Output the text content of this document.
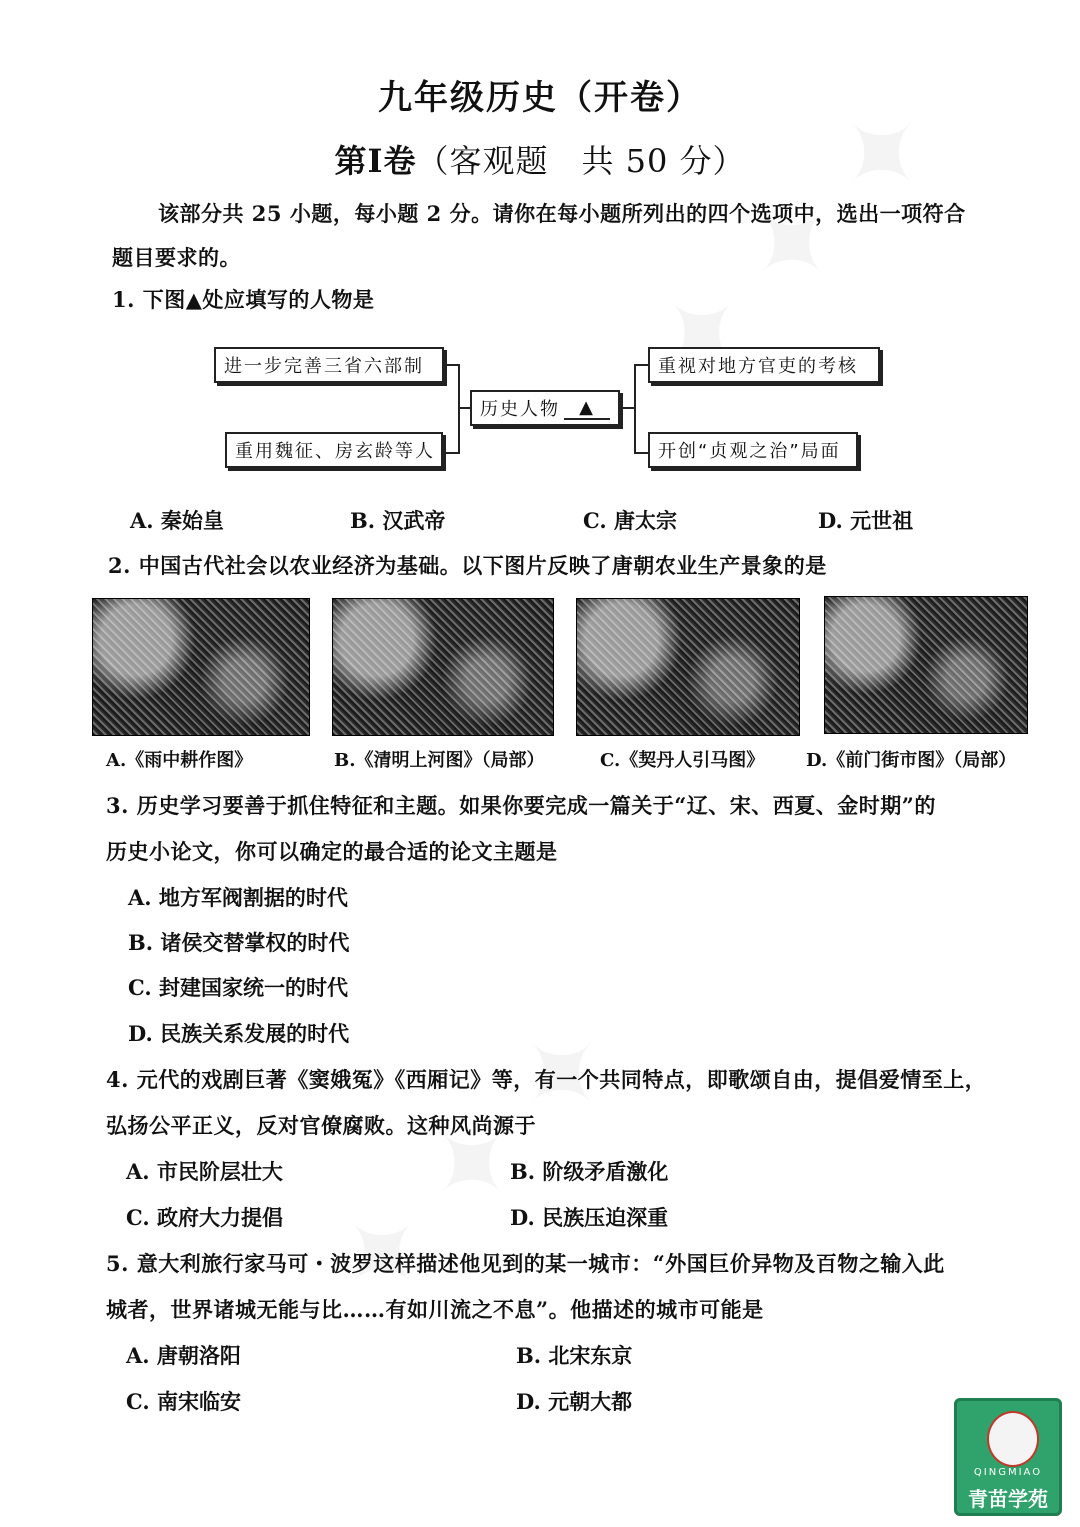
九年级历史（开卷）
第Ⅰ卷（客观题　共 50 分）
该部分共 25 小题，每小题 2 分。请你在每小题所列出的四个选项中，选出一项符合
题目要求的。
1. 下图▲处应填写的人物是
进一步完善三省六部制
重用魏征、房玄龄等人
历史人物	▲
重视对地方官吏的考核
开创“贞观之治”局面
A. 秦始皇	B. 汉武帝	C. 唐太宗	D. 元世祖
2. 中国古代社会以农业经济为基础。以下图片反映了唐朝农业生产景象的是
A.《雨中耕作图》	B.《清明上河图》（局部）	C.《契丹人引马图》 D.《前门街市图》（局部）
3. 历史学习要善于抓住特征和主题。如果你要完成一篇关于“辽、宋、西夏、金时期”的
历史小论文，你可以确定的最合适的论文主题是
A. 地方军阀割据的时代
B. 诸侯交替掌权的时代
C. 封建国家统一的时代
D. 民族关系发展的时代
4. 元代的戏剧巨著《窦娥冤》《西厢记》等，有一个共同特点，即歌颂自由，提倡爱情至上，
弘扬公平正义，反对官僚腐败。这种风尚源于
A. 市民阶层壮大	B. 阶级矛盾激化
C. 政府大力提倡	D. 民族压迫深重
5. 意大利旅行家马可・波罗这样描述他见到的某一城市：“外国巨价异物及百物之输入此
城者，世界诸城无能与比……有如川流之不息”。他描述的城市可能是
A. 唐朝洛阳	B. 北宋东京
C. 南宋临安	D. 元朝大都
QINGMIAO
青苗学苑
